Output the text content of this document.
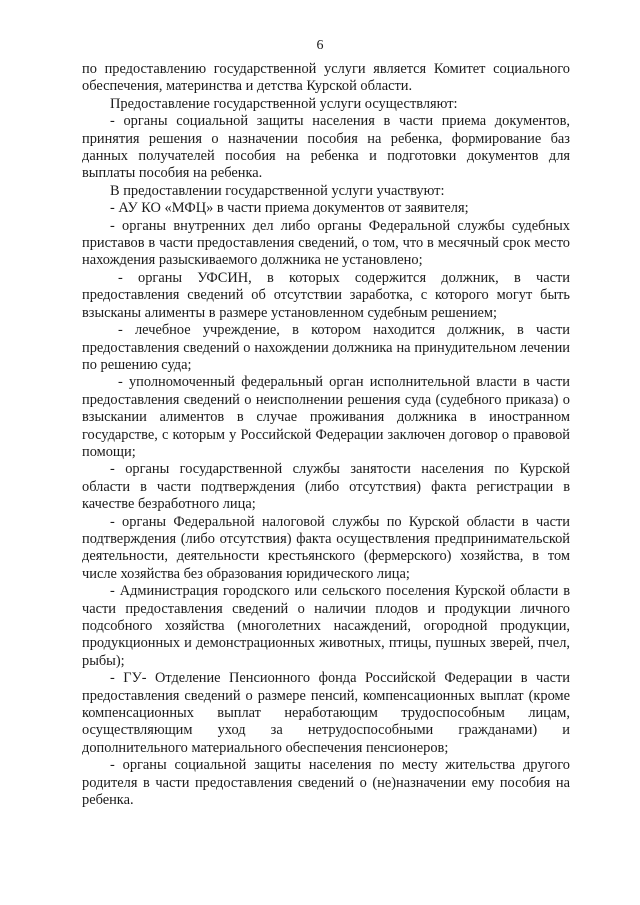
6

по предоставлению государственной услуги является Комитет социального обеспечения, материнства и детства Курской области.

Предоставление государственной услуги осуществляют:

- органы социальной защиты населения в части приема документов, принятия решения о назначении пособия на ребенка, формирование баз данных получателей пособия на ребенка и подготовки документов для выплаты пособия на ребенка.

В предоставлении государственной услуги участвуют:

- АУ КО «МФЦ» в части приема документов от заявителя;

- органы внутренних дел либо органы Федеральной службы судебных приставов в части предоставления сведений, о том, что в месячный срок место нахождения разыскиваемого должника не установлено;

- органы УФСИН, в которых содержится должник, в части предоставления сведений об отсутствии заработка, с которого могут быть взысканы алименты в размере установленном судебным решением;

- лечебное учреждение, в котором находится должник, в части предоставления сведений о нахождении должника на принудительном лечении по решению суда;

- уполномоченный федеральный орган исполнительной власти в части предоставления сведений о неисполнении решения суда (судебного приказа) о взыскании алиментов в случае проживания должника в иностранном государстве, с которым у Российской Федерации заключен договор о правовой помощи;

- органы государственной службы занятости населения по Курской области в части подтверждения (либо отсутствия) факта регистрации в качестве безработного лица;

- органы Федеральной налоговой службы по Курской области в части подтверждения (либо отсутствия) факта осуществления предпринимательской деятельности, деятельности крестьянского (фермерского) хозяйства, в том числе хозяйства без образования юридического лица;

- Администрация городского или сельского поселения Курской области в части предоставления сведений о наличии плодов и продукции личного подсобного хозяйства (многолетних насаждений, огородной продукции, продукционных и демонстрационных животных, птицы, пушных зверей, пчел, рыбы);

- ГУ- Отделение Пенсионного фонда Российской Федерации в части предоставления сведений о размере пенсий, компенсационных выплат (кроме компенсационных выплат неработающим трудоспособным лицам, осуществляющим уход за нетрудоспособными гражданами) и дополнительного материального обеспечения пенсионеров;

- органы социальной защиты населения по месту жительства другого родителя в части предоставления сведений о (не)назначении ему пособия на ребенка.
